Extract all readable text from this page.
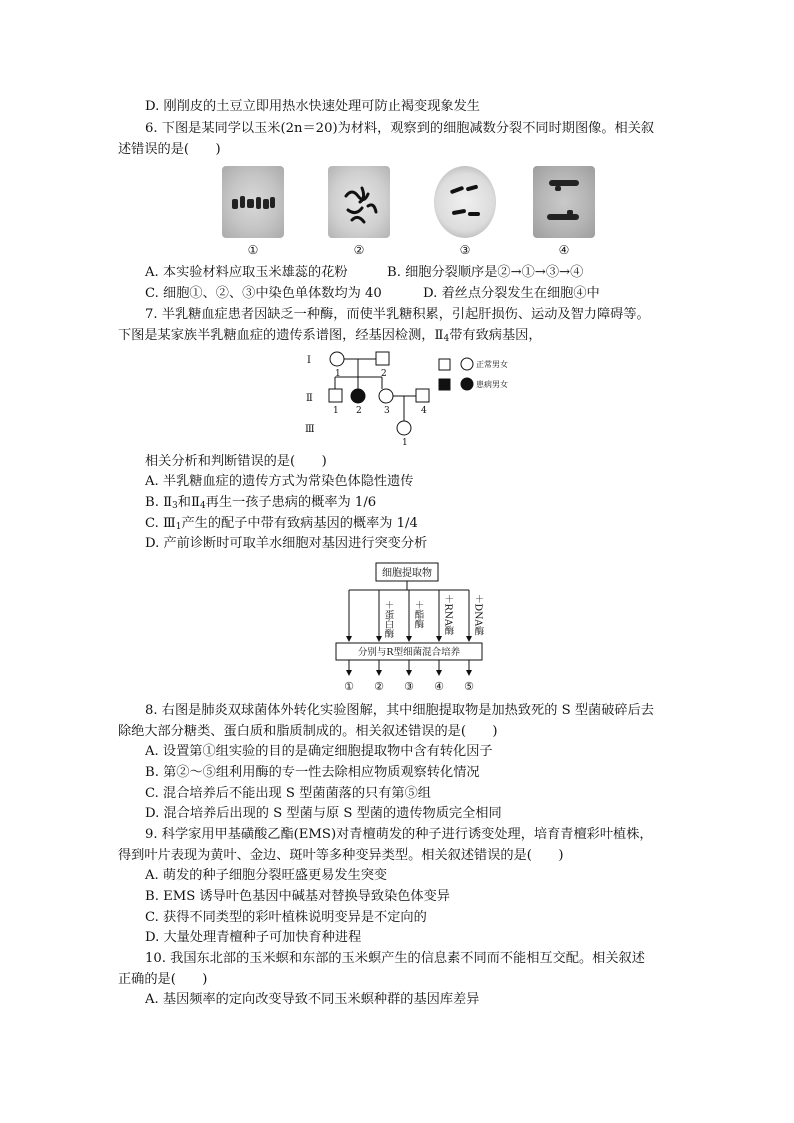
D. 刚削皮的土豆立即用热水快速处理可防止褐变现象发生
6. 下图是某同学以玉米(2n＝20)为材料，观察到的细胞减数分裂不同时期图像。相关叙
述错误的是(　　)
①	②	③	④
A. 本实验材料应取玉米雄蕊的花粉	B. 细胞分裂顺序是②→①→③→④
C. 细胞①、②、③中染色单体数均为 40	D. 着丝点分裂发生在细胞④中
7. 半乳糖血症患者因缺乏一种酶，而使半乳糖积累，引起肝损伤、运动及智力障碍等。
下图是某家族半乳糖血症的遗传系谱图，经基因检测，$Ⅱ_4$带有致病基因，
Ⅰ
Ⅱ
Ⅲ
1	2
1 2 3	4
1
正常男女
患病男女
相关分析和判断错误的是(　　)
A. 半乳糖血症的遗传方式为常染色体隐性遗传
B. $Ⅱ_3$和$Ⅱ_4$再生一孩子患病的概率为 1/6
C. $Ⅲ_1$产生的配子中带有致病基因的概率为 1/4
D. 产前诊断时可取羊水细胞对基因进行突变分析
细胞提取物
＋蛋白酶 ＋酯酶 ＋RNA酶 ＋DNA酶
分别与R型细菌混合培养
① ② ③ ④ ⑤
8. 右图是肺炎双球菌体外转化实验图解，其中细胞提取物是加热致死的 S 型菌破碎后去
除绝大部分糖类、蛋白质和脂质制成的。相关叙述错误的是(　　)
A. 设置第①组实验的目的是确定细胞提取物中含有转化因子
B. 第②～⑤组利用酶的专一性去除相应物质观察转化情况
C. 混合培养后不能出现 S 型菌菌落的只有第⑤组
D. 混合培养后出现的 S 型菌与原 S 型菌的遗传物质完全相同
9. 科学家用甲基磺酸乙酯(EMS)对青檀萌发的种子进行诱变处理，培育青檀彩叶植株，
得到叶片表现为黄叶、金边、斑叶等多种变异类型。相关叙述错误的是(　　)
A. 萌发的种子细胞分裂旺盛更易发生突变
B. EMS 诱导叶色基因中碱基对替换导致染色体变异
C. 获得不同类型的彩叶植株说明变异是不定向的
D. 大量处理青檀种子可加快育种进程
10. 我国东北部的玉米螟和东部的玉米螟产生的信息素不同而不能相互交配。相关叙述
正确的是(　　)
A. 基因频率的定向改变导致不同玉米螟种群的基因库差异
